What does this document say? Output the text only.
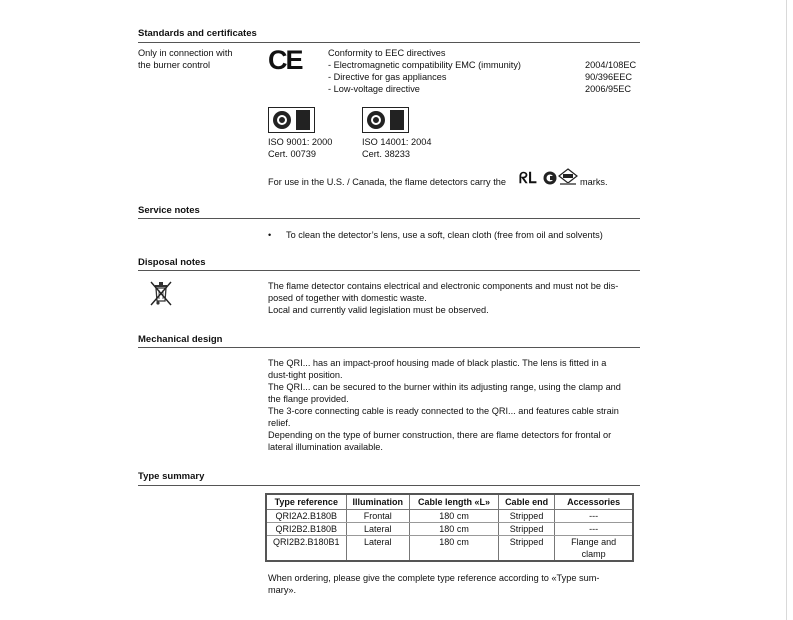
Standards and certificates
Only in connection with
the burner control CE	Conformity to EEC directives
- Electromagnetic compatibility EMC (immunity)	2004/108EC
- Directive for gas appliances	90/396EEC
- Low-voltage directive	2006/95EC
ISO 9001: 2000
Cert. 00739
ISO 14001: 2004
Cert. 38233
For use in the U.S. / Canada, the flame detectors carry the ᖇꓡ	marks.
Service notes
• To clean the detector’s lens, use a soft, clean cloth (free from oil and solvents)
Disposal notes
The flame detector contains electrical and electronic components and must not be dis-
posed of together with domestic waste.
Local and currently valid legislation must be observed.
Mechanical design
The QRI... has an impact-proof housing made of black plastic. The lens is fitted in a
dust-tight position.
The QRI... can be secured to the burner within its adjusting range, using the clamp and
the flange provided.
The 3-core connecting cable is ready connected to the QRI... and features cable strain
relief.
Depending on the type of burner construction, there are flame detectors for frontal or
lateral illumination available.
Type summary
Type reference	Illumination	Cable length «L»	Cable end	Accessories
QRI2A2.B180B	Frontal	180 cm	Stripped	---
QRI2B2.B180B	Lateral	180 cm	Stripped	---
QRI2B2.B180B1	Lateral	180 cm	Stripped	Flange and
clamp
When ordering, please give the complete type reference according to «Type sum-
mary».
